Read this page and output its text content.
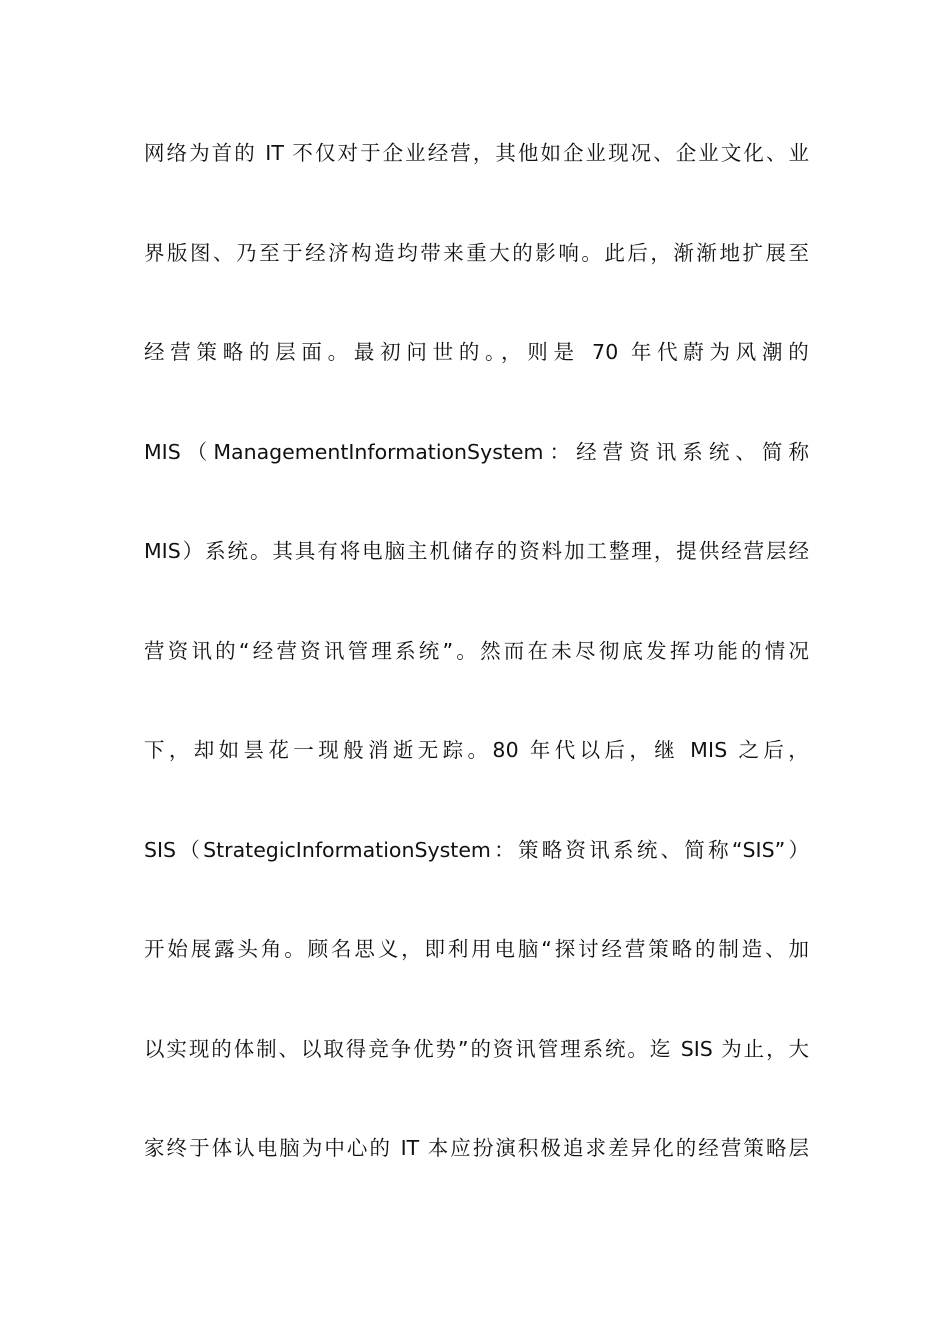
网络为首的 IT 不仅对于企业经营，其他如企业现况、企业文化、业
界版图、乃至于经济构造均带来重大的影响。此后，渐渐地扩展至
经营策略的层面。最初问世的。，则是 70 年代蔚为风潮的
MIS（ManagementInformationSystem：经营资讯系统、简称
MIS）系统。其具有将电脑主机储存的资料加工整理，提供经营层经
营资讯的“经营资讯管理系统”。然而在未尽彻底发挥功能的情况
下，却如昙花一现般消逝无踪。80 年代以后，继 MIS 之后，
SIS（StrategicInformationSystem：策略资讯系统、简称“SIS”）
开始展露头角。顾名思义，即利用电脑“探讨经营策略的制造、加
以实现的体制、以取得竞争优势”的资讯管理系统。迄 SIS 为止，大
家终于体认电脑为中心的 IT 本应扮演积极追求差异化的经营策略层
